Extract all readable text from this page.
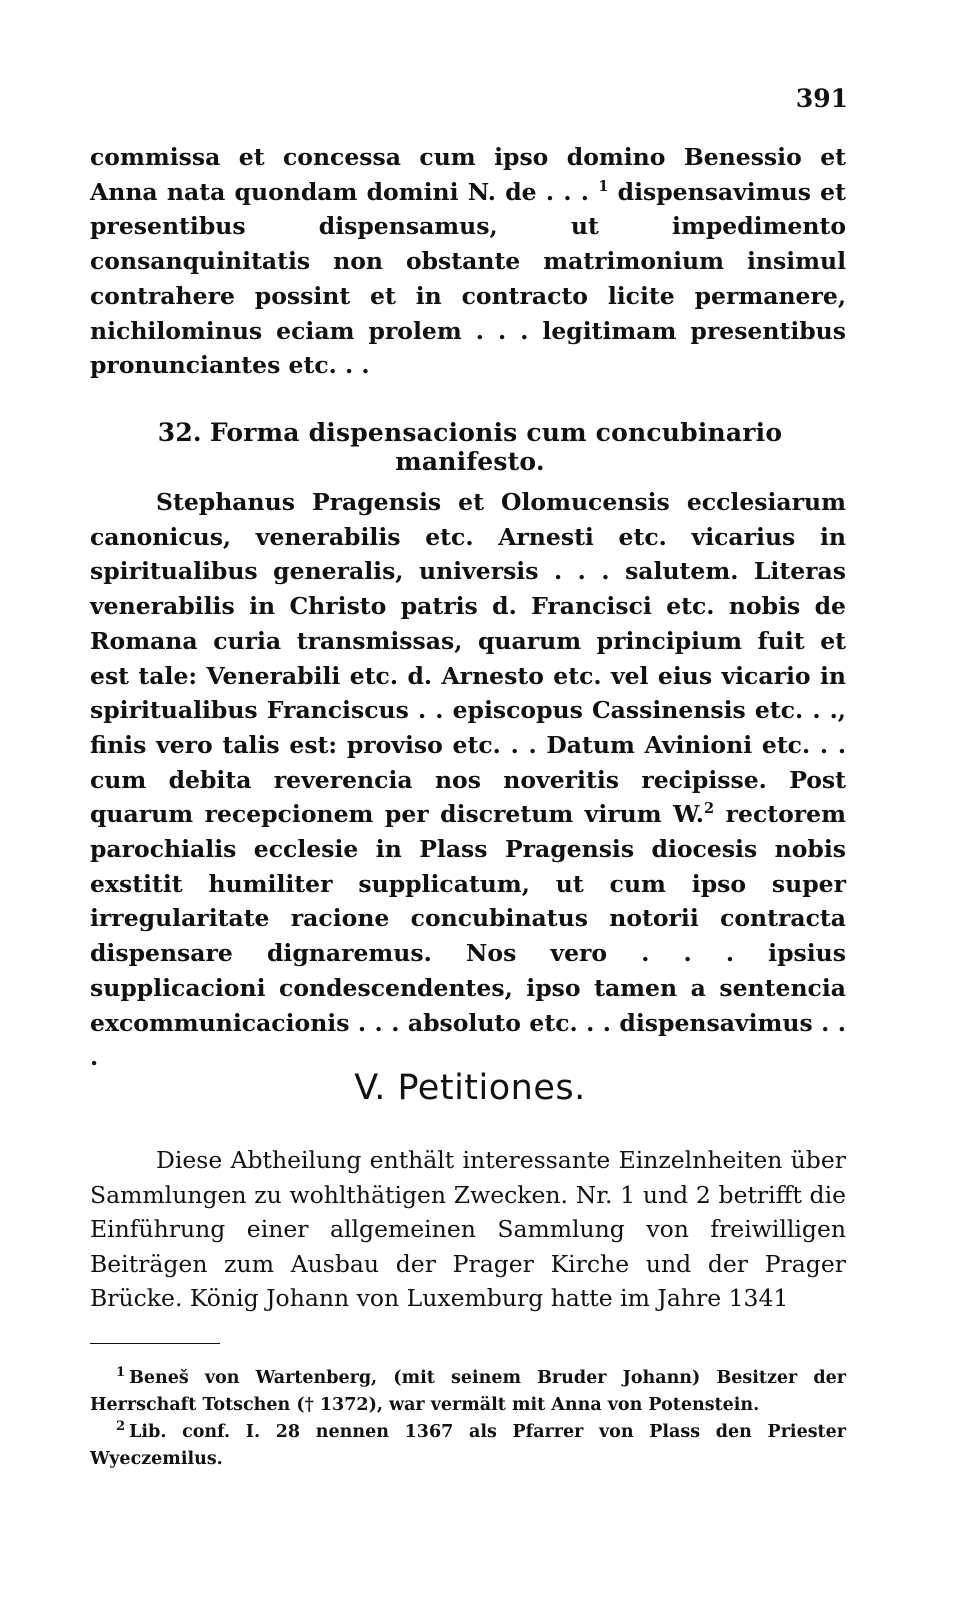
391

commissa et concessa cum ipso domino Benessio et Anna nata quondam domini N. de . . . $^1$ dispensavimus et presentibus dispensamus, ut impedimento consanquinitatis non obstante matrimonium insimul contrahere possint et in contracto licite permanere, nichilominus eciam prolem . . . legitimam presentibus pronunciantes etc. . .

32. Forma dispensacionis cum concubinario manifesto.

Stephanus Pragensis et Olomucensis ecclesiarum canonicus, venerabilis etc. Arnesti etc. vicarius in spiritualibus generalis, universis . . . salutem. Literas venerabilis in Christo patris d. Francisci etc. nobis de Romana curia transmissas, quarum principium fuit et est tale: Venerabili etc. d. Arnesto etc. vel eius vicario in spiritualibus Franciscus . . episcopus Cassinensis etc. . ., finis vero talis est: proviso etc. . . Datum Avinioni etc. . . cum debita reverencia nos noveritis recipisse. Post quarum recepcionem per discretum virum W.$^2$ rectorem parochialis ecclesie in Plass Pragensis diocesis nobis exstitit humiliter supplicatum, ut cum ipso super irregularitate racione concubinatus notorii contracta dispensare dignaremus. Nos vero . . . ipsius supplicacioni condescendentes, ipso tamen a sentencia excommunicacionis . . . absoluto etc. . . dispensavimus . . .

V. Petitiones.

Diese Abtheilung enthält interessante Einzelnheiten über Sammlungen zu wohlthätigen Zwecken. Nr. 1 und 2 betrifft die Einführung einer allgemeinen Sammlung von freiwilligen Beiträgen zum Ausbau der Prager Kirche und der Prager Brücke. König Johann von Luxemburg hatte im Jahre 1341

$^1$ Beneš von Wartenberg, (mit seinem Bruder Johann) Besitzer der Herrschaft Totschen († 1372), war vermält mit Anna von Potenstein.

$^2$ Lib. conf. I. 28 nennen 1367 als Pfarrer von Plass den Priester Wyeczemilus.
